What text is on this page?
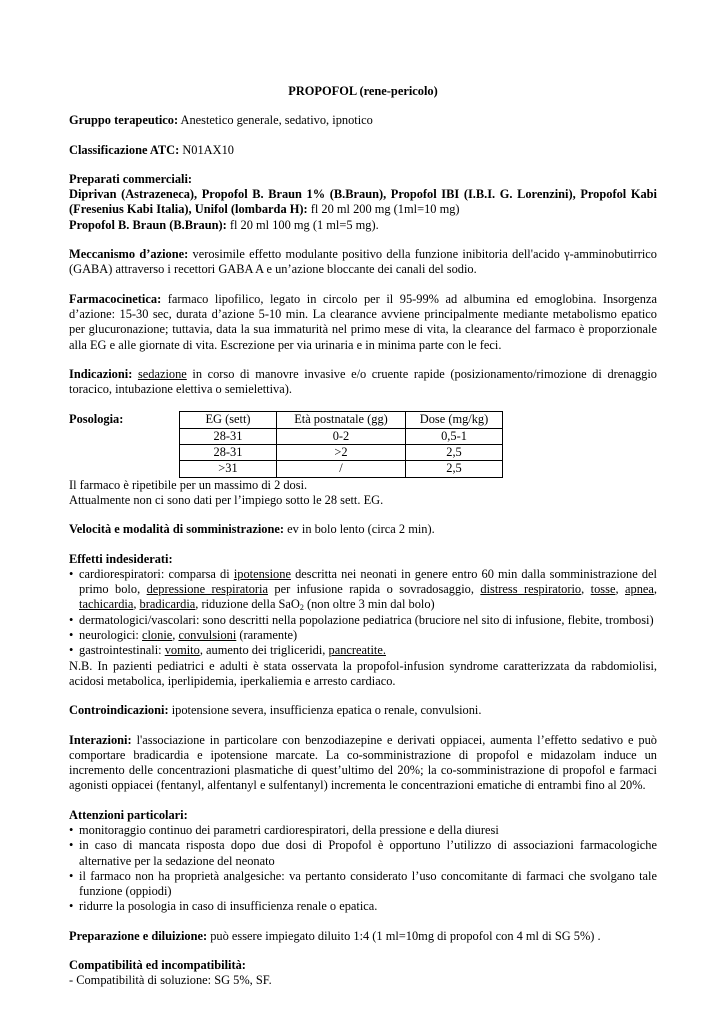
PROPOFOL (rene-pericolo)

Gruppo terapeutico: Anestetico generale, sedativo, ipnotico

Classificazione ATC: N01AX10

Preparati commerciali:

Diprivan (Astrazeneca), Propofol B. Braun 1% (B.Braun), Propofol IBI (I.B.I. G. Lorenzini), Propofol Kabi (Fresenius Kabi Italia), Unifol (lombarda H): fl 20 ml 200 mg (1ml=10 mg)

Propofol B. Braun (B.Braun): fl 20 ml 100 mg (1 ml=5 mg).

Meccanismo d’azione: verosimile effetto modulante positivo della funzione inibitoria dell'acido γ-amminobutirrico (GABA) attraverso i recettori GABA A e un’azione bloccante dei canali del sodio.

Farmacocinetica: farmaco lipofilico, legato in circolo per il 95-99% ad albumina ed emoglobina. Insorgenza d’azione: 15-30 sec, durata d’azione 5-10 min. La clearance avviene principalmente mediante metabolismo epatico per glucuronazione; tuttavia, data la sua immaturità nel primo mese di vita, la clearance del farmaco è proporzionale alla EG e alle giornate di vita. Escrezione per via urinaria e in minima parte con le feci.

Indicazioni: sedazione in corso di manovre invasive e/o cruente rapide (posizionamento/rimozione di drenaggio toracico, intubazione elettiva o semielettiva).

Posologia:	EG (sett)	Età postnatale (gg)	Dose (mg/kg)
28-31	0-2	0,5-1
28-31	>2	2,5
>31	/	2,5

Il farmaco è ripetibile per un massimo di 2 dosi.

Attualmente non ci sono dati per l’impiego sotto le 28 sett. EG.

Velocità e modalità di somministrazione: ev in bolo lento (circa 2 min).

Effetti indesiderati:

• cardiorespiratori: comparsa di ipotensione descritta nei neonati in genere entro 60 min dalla somministrazione del primo bolo, depressione respiratoria per infusione rapida o sovradosaggio, distress respiratorio, tosse, apnea, tachicardia, bradicardia, riduzione della SaO$_2$ (non oltre 3 min dal bolo)
• dermatologici/vascolari: sono descritti nella popolazione pediatrica (bruciore nel sito di infusione, flebite, trombosi)
• neurologici: clonie, convulsioni (raramente)
• gastrointestinali: vomito, aumento dei trigliceridi, pancreatite.

N.B. In pazienti pediatrici e adulti è stata osservata la propofol-infusion syndrome caratterizzata da rabdomiolisi, acidosi metabolica, iperlipidemia, iperkaliemia e arresto cardiaco.

Controindicazioni: ipotensione severa, insufficienza epatica o renale, convulsioni.

Interazioni: l'associazione in particolare con benzodiazepine e derivati oppiacei, aumenta l’effetto sedativo e può comportare bradicardia e ipotensione marcate. La co-somministrazione di propofol e midazolam induce un incremento delle concentrazioni plasmatiche di quest’ultimo del 20%; la co-somministrazione di propofol e farmaci agonisti oppiacei (fentanyl, alfentanyl e sulfentanyl) incrementa le concentrazioni ematiche di entrambi fino al 20%.

Attenzioni particolari:

• monitoraggio continuo dei parametri cardiorespiratori, della pressione e della diuresi
• in caso di mancata risposta dopo due dosi di Propofol è opportuno l’utilizzo di associazioni farmacologiche alternative per la sedazione del neonato
• il farmaco non ha proprietà analgesiche: va pertanto considerato l’uso concomitante di farmaci che svolgano tale funzione (oppiodi)
• ridurre la posologia in caso di insufficienza renale o epatica.

Preparazione e diluizione: può essere impiegato diluito 1:4 (1 ml=10mg di propofol con 4 ml di SG 5%) .

Compatibilità ed incompatibilità:

- Compatibilità di soluzione: SG 5%, SF.
